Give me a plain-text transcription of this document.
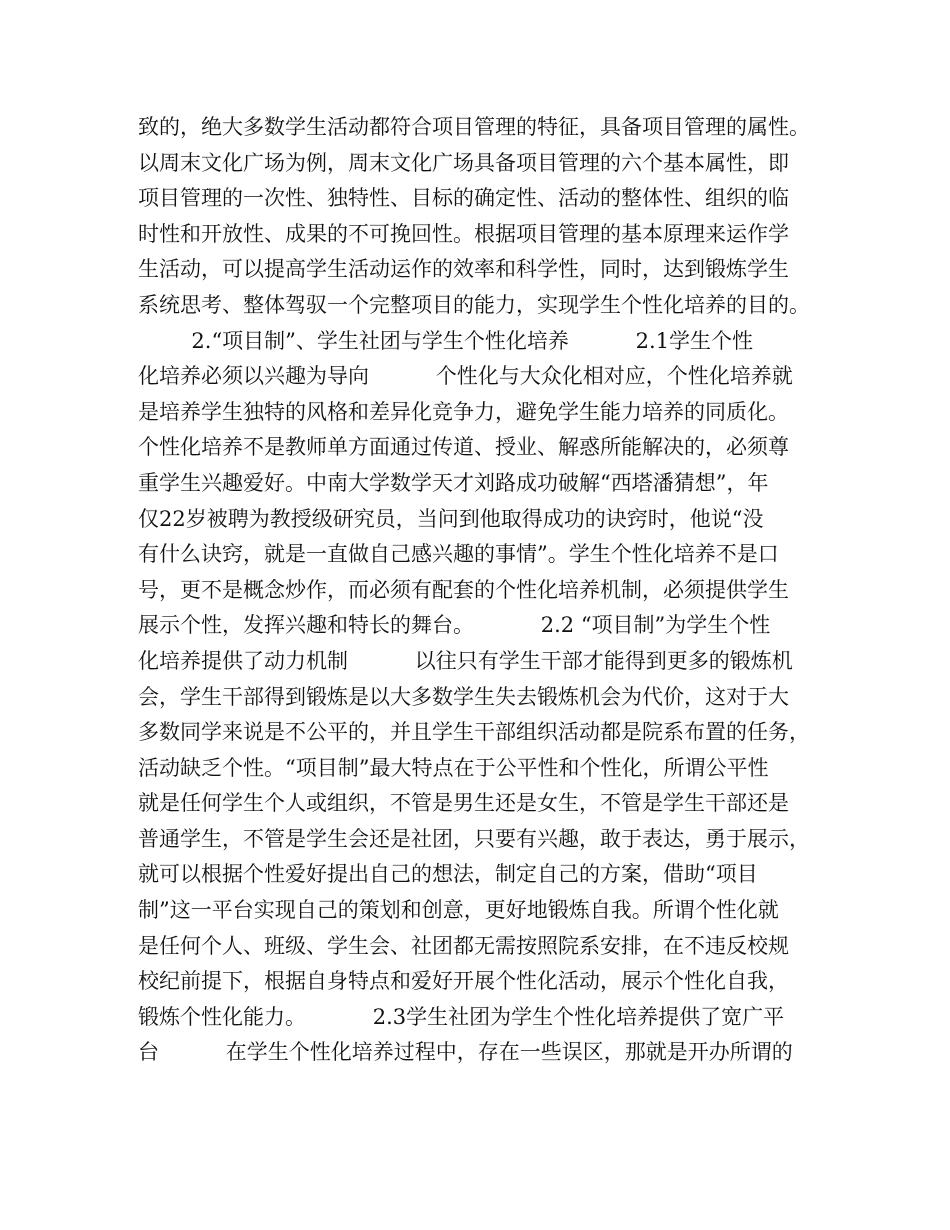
致的，绝大多数学生活动都符合项目管理的特征，具备项目管理的属性。
以周末文化广场为例，周末文化广场具备项目管理的六个基本属性，即
项目管理的一次性、独特性、目标的确定性、活动的整体性、组织的临
时性和开放性、成果的不可挽回性。根据项目管理的基本原理来运作学
生活动，可以提高学生活动运作的效率和科学性，同时，达到锻炼学生
系统思考、整体驾驭一个完整项目的能力，实现学生个性化培养的目的。
2.“项目制”、学生社团与学生个性化培养          2.1学生个性
化培养必须以兴趣为导向          个性化与大众化相对应，个性化培养就
是培养学生独特的风格和差异化竞争力，避免学生能力培养的同质化。
个性化培养不是教师单方面通过传道、授业、解惑所能解决的，必须尊
重学生兴趣爱好。中南大学数学天才刘路成功破解“西塔潘猜想”，年
仅22岁被聘为教授级研究员，当问到他取得成功的诀窍时，他说“没
有什么诀窍，就是一直做自己感兴趣的事情”。学生个性化培养不是口
号，更不是概念炒作，而必须有配套的个性化培养机制，必须提供学生
展示个性，发挥兴趣和特长的舞台。          2.2 “项目制”为学生个性
化培养提供了动力机制          以往只有学生干部才能得到更多的锻炼机
会，学生干部得到锻炼是以大多数学生失去锻炼机会为代价，这对于大
多数同学来说是不公平的，并且学生干部组织活动都是院系布置的任务，
活动缺乏个性。“项目制”最大特点在于公平性和个性化，所谓公平性
就是任何学生个人或组织，不管是男生还是女生，不管是学生干部还是
普通学生，不管是学生会还是社团，只要有兴趣，敢于表达，勇于展示，
就可以根据个性爱好提出自己的想法，制定自己的方案，借助“项目
制”这一平台实现自己的策划和创意，更好地锻炼自我。所谓个性化就
是任何个人、班级、学生会、社团都无需按照院系安排，在不违反校规
校纪前提下，根据自身特点和爱好开展个性化活动，展示个性化自我，
锻炼个性化能力。          2.3学生社团为学生个性化培养提供了宽广平
台          在学生个性化培养过程中，存在一些误区，那就是开办所谓的
